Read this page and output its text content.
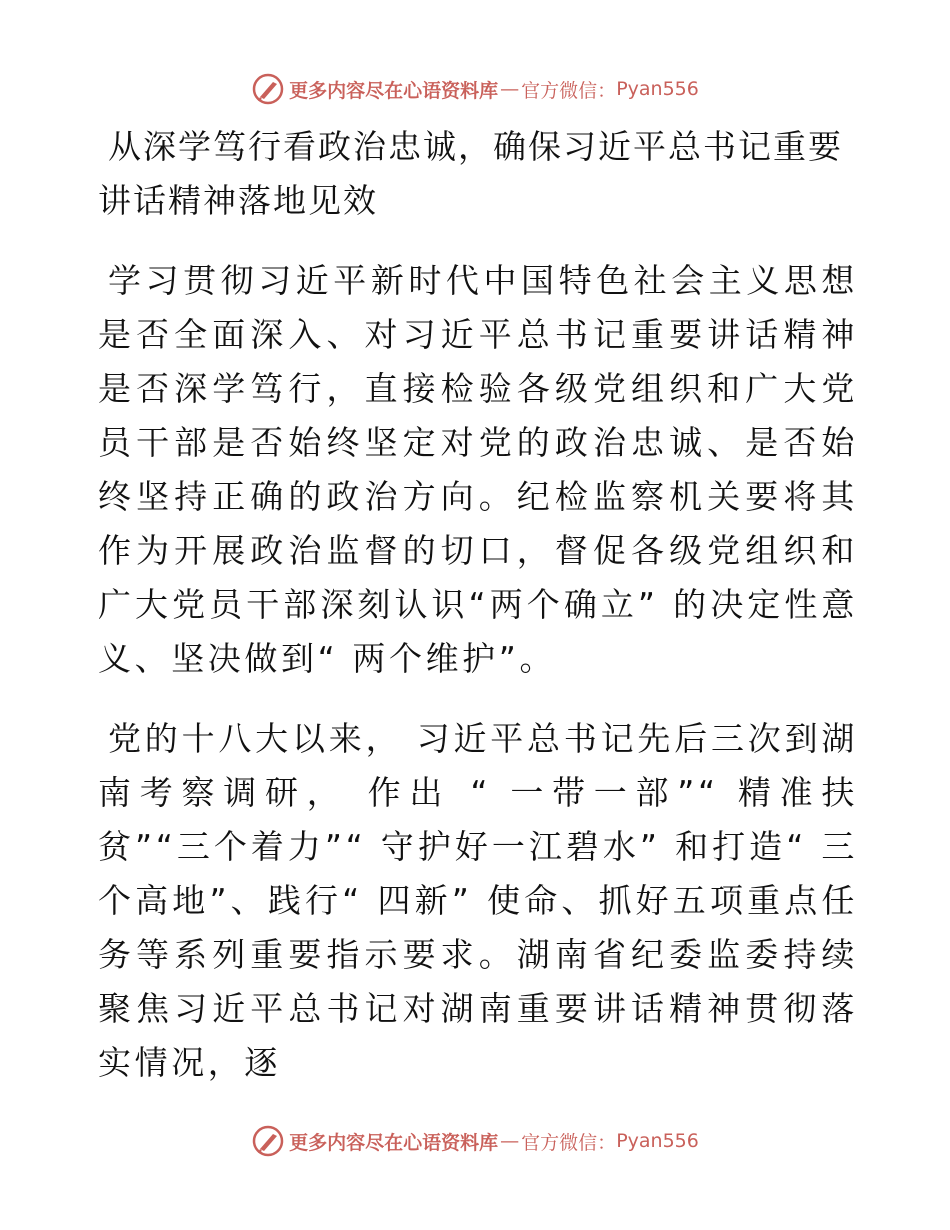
更多内容尽在心语资料库 — 官方微信： Pyan556
从深学笃行看政治忠诚，确保习近平总书记重要讲话精神落地见效

学习贯彻习近平新时代中国特色社会主义思想是否全面深入、对习近平总书记重要讲话精神是否深学笃行，直接检验各级党组织和广大党员干部是否始终坚定对党的政治忠诚、是否始终坚持正确的政治方向。纪检监察机关要将其作为开展政治监督的切口，督促各级党组织和广大党员干部深刻认识“两个确立” 的决定性意义、坚决做到“ 两个维护”。

党的十八大以来， 习近平总书记先后三次到湖南考察调研， 作出 “ 一带一部”“ 精准扶贫”“三个着力”“ 守护好一江碧水” 和打造“ 三个高地”、践行“ 四新” 使命、抓好五项重点任务等系列重要指示要求。湖南省纪委监委持续聚焦习近平总书记对湖南重要讲话精神贯彻落实情况，逐

更多内容尽在心语资料库 — 官方微信： Pyan556
